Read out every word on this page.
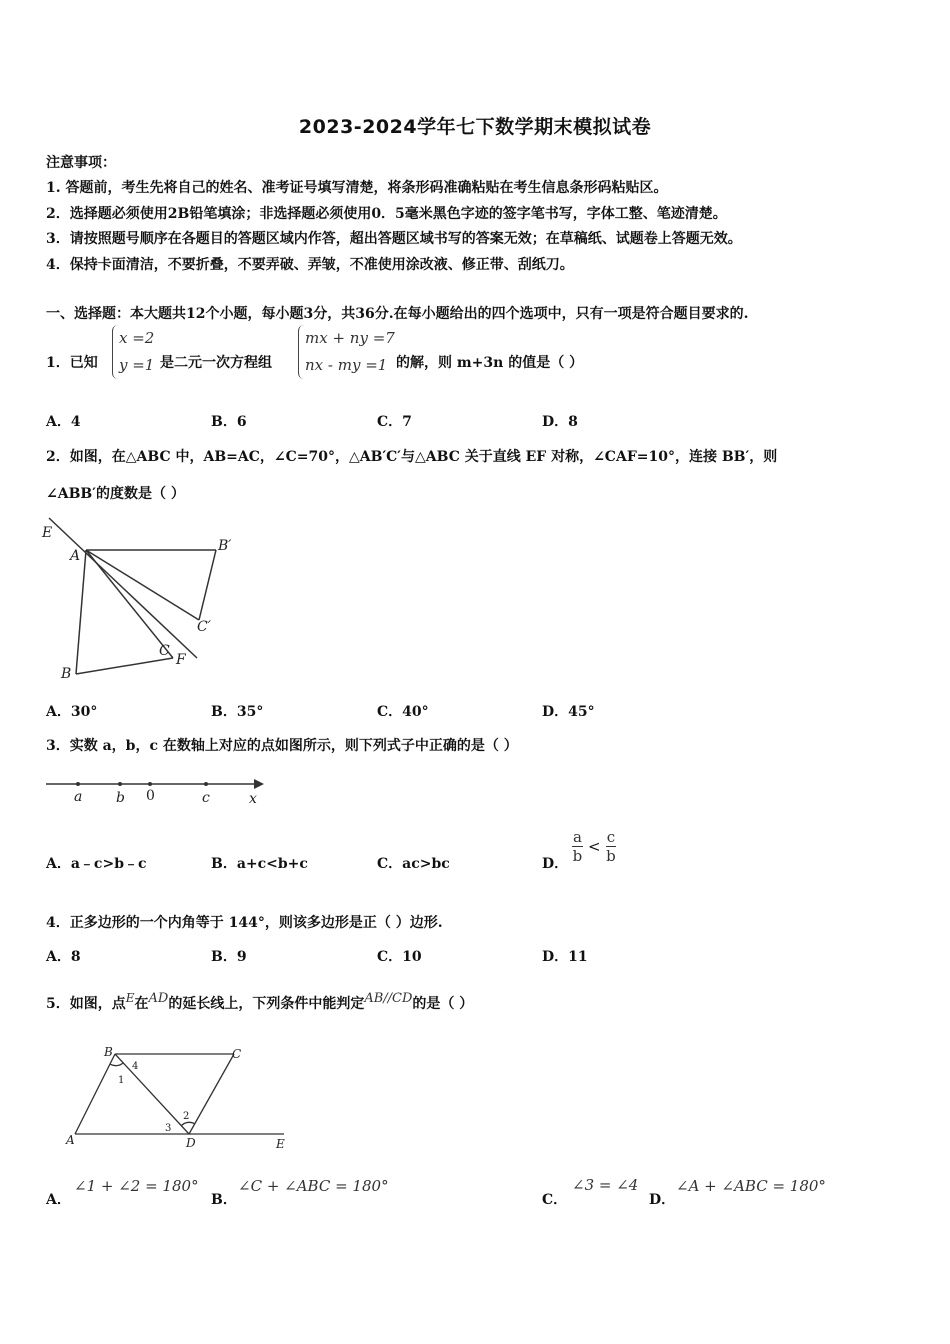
2023-2024学年七下数学期末模拟试卷
注意事项：
1. 答题前，考生先将自己的姓名、准考证号填写清楚，将条形码准确粘贴在考生信息条形码粘贴区。
2．选择题必须使用2B铅笔填涂；非选择题必须使用0．5毫米黑色字迹的签字笔书写，字体工整、笔迹清楚。
3．请按照题号顺序在各题目的答题区域内作答，超出答题区域书写的答案无效；在草稿纸、试题卷上答题无效。
4．保持卡面清洁，不要折叠，不要弄破、弄皱，不准使用涂改液、修正带、刮纸刀。
一、选择题：本大题共12个小题，每小题3分，共36分.在每小题给出的四个选项中，只有一项是符合题目要求的.
1．已知
x =2
y =1 是二元一次方程组
mx + ny =7
nx - my =1 的解，则 m+3n 的值是（ ）
A．4	B．6	C．7	D．8
2．如图，在△ABC 中，AB=AC，∠C=70°，△AB′C′与△ABC 关于直线 EF 对称，∠CAF=10°，连接 BB′，则
∠ABB′的度数是（ ）
E
A
B′
C′
B
C
F
A．30°	B．35°	C．40°	D．45°
3．实数 a，b，c 在数轴上对应的点如图所示，则下列式子中正确的是（ ）
a b 0	c	x
A．a﹣c>b﹣c	B．a+c<b+c	C．ac>bc	D． $\frac{a}{b} < \frac{c}{b}$
4．正多边形的一个内角等于 144°，则该多边形是正（ ）边形.
A．8	B．9	C．10	D．11
5．如图，点E在AD的延长线上，下列条件中能判定AB//CD的是（ ）
B	C
A	D	E
1
2
3
4
A．
∠1 + ∠2 = 180°
B．
∠C + ∠ABC = 180°
C．
∠3 = ∠4
D．
∠A + ∠ABC = 180°
